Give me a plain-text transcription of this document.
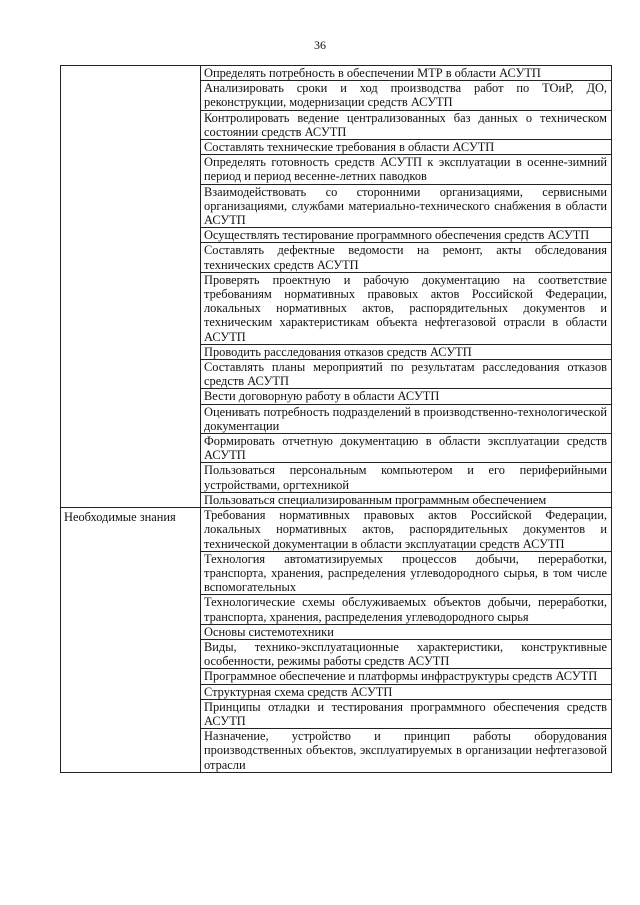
36
	Определять потребность в обеспечении МТР в области АСУТП
	Анализировать сроки и ход производства работ по ТОиР, ДО, реконструкции, модернизации средств АСУТП
	Контролировать ведение централизованных баз данных о техническом состоянии средств АСУТП
	Составлять технические требования в области АСУТП
	Определять готовность средств АСУТП к эксплуатации в осенне-зимний период и период весенне-летних паводков
	Взаимодействовать со сторонними организациями, сервисными организациями, службами материально-технического снабжения в области АСУТП
	Осуществлять тестирование программного обеспечения средств АСУТП
	Составлять дефектные ведомости на ремонт, акты обследования технических средств АСУТП
	Проверять проектную и рабочую документацию на соответствие требованиям нормативных правовых актов Российской Федерации, локальных нормативных актов, распорядительных документов и техническим характеристикам объекта нефтегазовой отрасли в области АСУТП
	Проводить расследования отказов средств АСУТП
	Составлять планы мероприятий по результатам расследования отказов средств АСУТП
	Вести договорную работу в области АСУТП
	Оценивать потребность подразделений в производственно-технологической документации
	Формировать отчетную документацию в области эксплуатации средств АСУТП
	Пользоваться персональным компьютером и его периферийными устройствами, оргтехникой
	Пользоваться специализированным программным обеспечением

Необходимые знания	Требования нормативных правовых актов Российской Федерации, локальных нормативных актов, распорядительных документов и технической документации в области эксплуатации средств АСУТП
	Технология автоматизируемых процессов добычи, переработки, транспорта, хранения, распределения углеводородного сырья, в том числе вспомогательных
	Технологические схемы обслуживаемых объектов добычи, переработки, транспорта, хранения, распределения углеводородного сырья
	Основы системотехники
	Виды, технико-эксплуатационные характеристики, конструктивные особенности, режимы работы средств АСУТП
	Программное обеспечение и платформы инфраструктуры средств АСУТП
	Структурная схема средств АСУТП
	Принципы отладки и тестирования программного обеспечения средств АСУТП
	Назначение, устройство и принцип работы оборудования производственных объектов, эксплуатируемых в организации нефтегазовой отрасли
